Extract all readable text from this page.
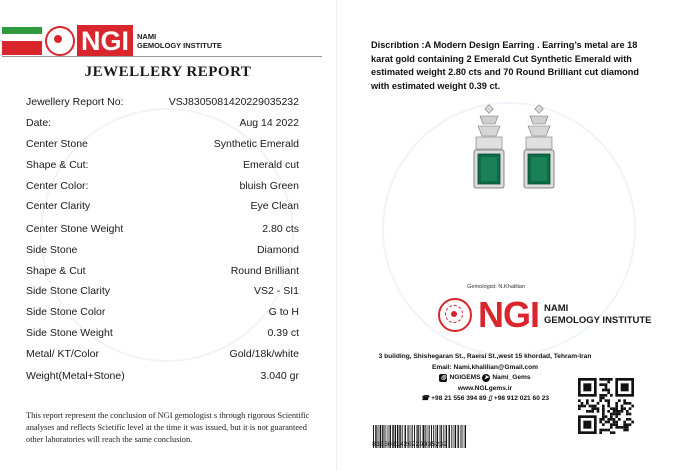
NGI	NAMI
GEMOLOGY INSTITUTE
JEWELLERY REPORT
Jewellery Report No:	VSJ830508142022903523​2
Date:	Aug 14 2022
Center Stone	Synthetic Emerald
Shape & Cut:	Emerald cut
Center Color:	bluish Green
Center Clarity	Eye Clean
Center Stone Weight	2.80 cts
Side Stone	Diamond
Shape & Cut	Round Brilliant
Side Stone Clarity	VS2 - SI1
Side Stone Color	G to H
Side Stone Weight	0.39 ct
Metal/ KT/Color	Gold/18k/white
Weight(Metal+Stone)	3.040 gr
This report represent the conclusion of NGI gemologist s through rigorous Scientific analyses and reflects Scietific level at the time it was issued, but it is not guaranteed other laboratories will reach the same conclusion.
Discribtion :A Modern Design Earring . Earring’s metal are 18 karat gold containing 2 Emerald Cut Synthetic Emerald with estimated weight 2.80 cts and 70 Round Brilliant cut diamond with estimated weight 0.39 ct.
Gemologist: N.Khalilian
NGI NAMI
GEMOLOGY INSTITUTE
3 building, Shishegaran St., Raeisi St.,west 15 khordad, Tehram-Iran
Email: Nami.khalilian@Gmail.com
◎ NGIGEMS
➤ Nami_Gems
www.NGLgems.ir
☎ +98 21 556 394 89
▯ +98 912 021 60 23
8305081420229035232
